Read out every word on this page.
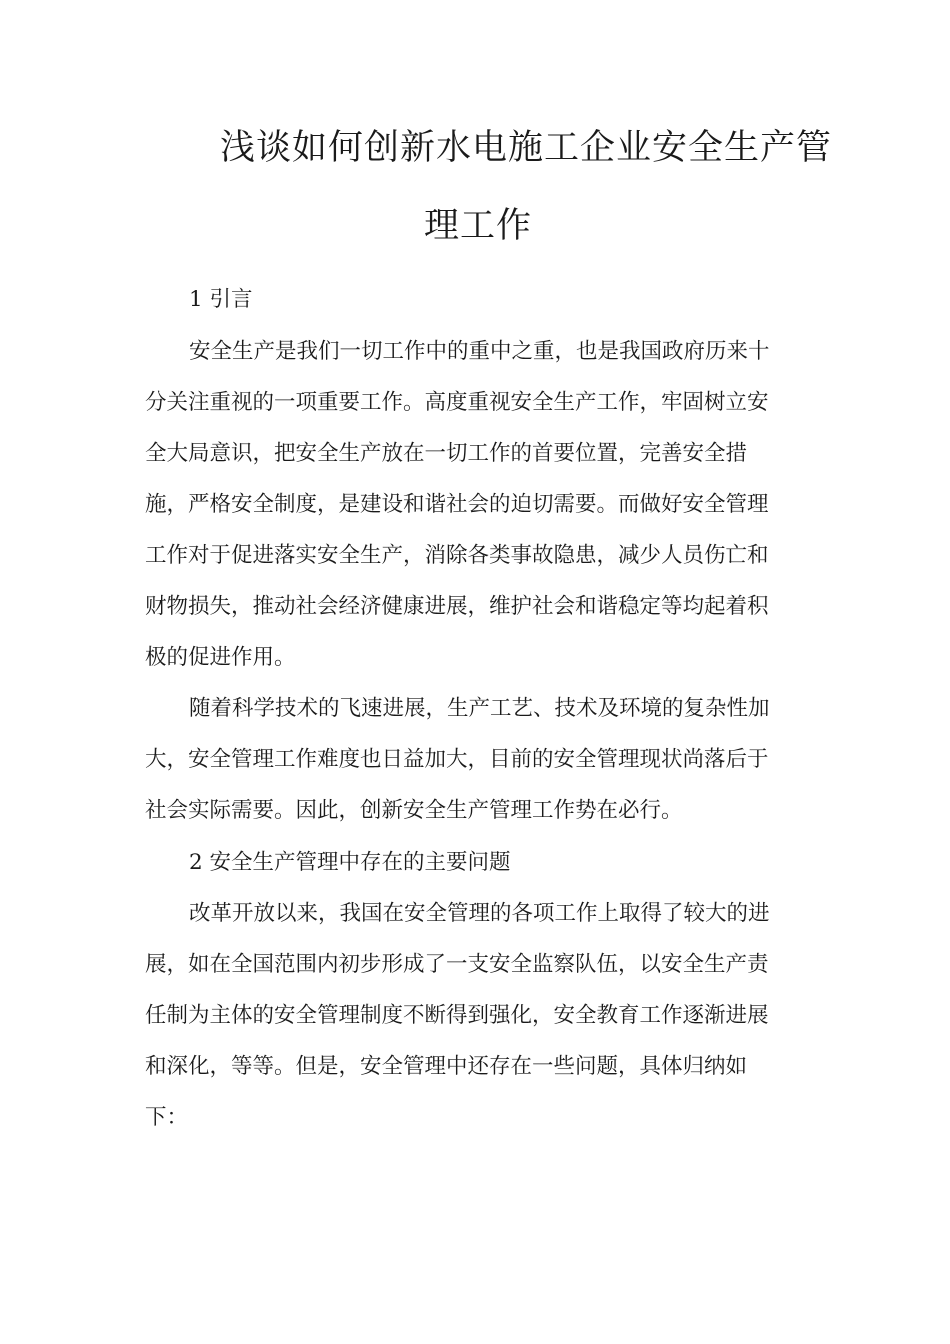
浅谈如何创新水电施工企业安全生产管
理工作

1 引言

安全生产是我们一切工作中的重中之重，也是我国政府历来十

分关注重视的一项重要工作。高度重视安全生产工作，牢固树立安

全大局意识，把安全生产放在一切工作的首要位置，完善安全措

施，严格安全制度，是建设和谐社会的迫切需要。而做好安全管理

工作对于促进落实安全生产，消除各类事故隐患，减少人员伤亡和

财物损失，推动社会经济健康进展，维护社会和谐稳定等均起着积

极的促进作用。

随着科学技术的飞速进展，生产工艺、技术及环境的复杂性加

大，安全管理工作难度也日益加大，目前的安全管理现状尚落后于

社会实际需要。因此，创新安全生产管理工作势在必行。

2 安全生产管理中存在的主要问题

改革开放以来，我国在安全管理的各项工作上取得了较大的进

展，如在全国范围内初步形成了一支安全监察队伍，以安全生产责

任制为主体的安全管理制度不断得到强化，安全教育工作逐渐进展

和深化，等等。但是，安全管理中还存在一些问题，具体归纳如

下：
